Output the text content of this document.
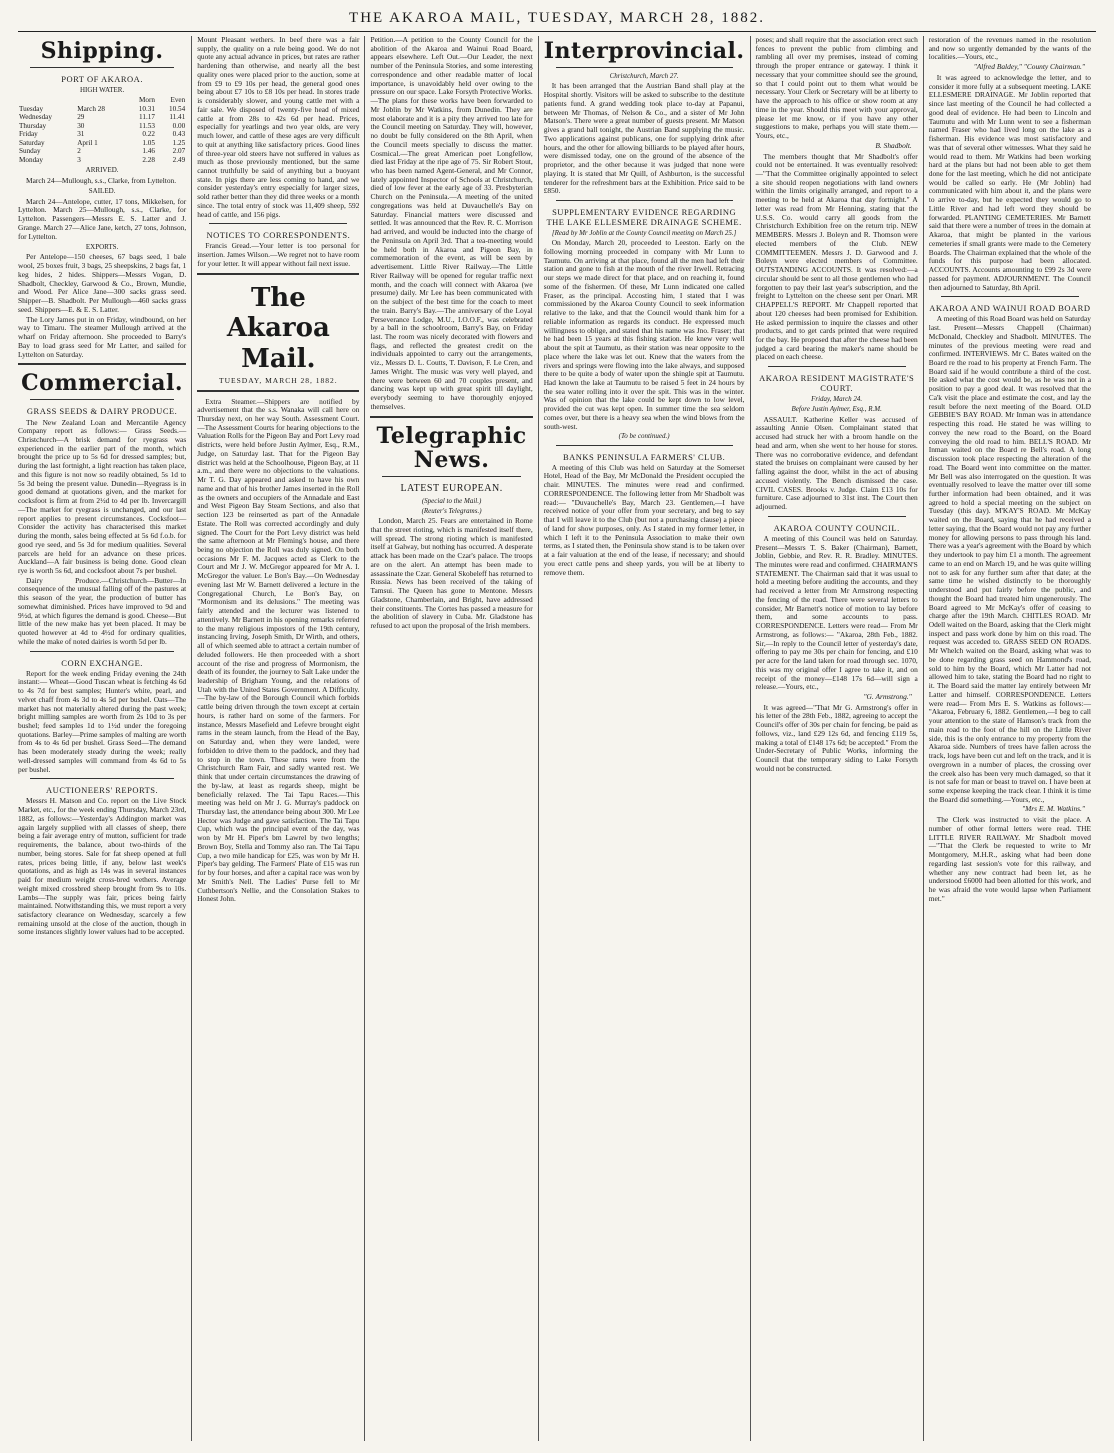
THE AKAROA MAIL, TUESDAY, MARCH 28, 1882.
Shipping.
PORT OF AKAROA.
HIGH WATER.
		Morn	Even
Tuesday	March 28	10.31	10.54
Wednesday	29	11.17	11.41
Thursday	30	11.53	0.00
Friday	31	0.22	0.43
Saturday	April 1	1.05	1.25
Sunday	2	1.46	2.07
Monday	3	2.28	2.49
ARRIVED.

March 24—Mullough, s.s., Clarke, from Lyttelton.

SAILED.

March 24—Antelope, cutter, 17 tons, Mikkelsen, for Lyttelton. March 25—Mullough, s.s., Clarke, for Lyttelton. Passengers—Messrs E. S. Latter and J. Grange. March 27—Alice Jane, ketch, 27 tons, Johnson, for Lyttelton.

EXPORTS.

Per Antelope—150 cheeses, 67 bags seed, 1 bale wool, 25 boxes fruit, 3 bags, 25 sheepskins, 2 bags fat, 1 keg hides, 2 hides. Shippers—Messrs Vogan, D. Shadbolt, Checkley, Garwood & Co., Brown, Mundie, and Wood. Per Alice Jane—300 sacks grass seed. Shipper—B. Shadbolt. Per Mullough—460 sacks grass seed. Shippers—E. & E. S. Latter.

The Lory James put in on Friday, windbound, on her way to Timaru. The steamer Mullough arrived at the wharf on Friday afternoon. She proceeded to Barry's Bay to load grass seed for Mr Latter, and sailed for Lyttelton on Saturday.

Commercial.
GRASS SEEDS & DAIRY PRODUCE.

The New Zealand Loan and Mercantile Agency Company report as follows:— Grass Seeds.—Christchurch—A brisk demand for ryegrass was experienced in the earlier part of the month, which brought the price up to 5s 6d for dressed samples; but, during the last fortnight, a light reaction has taken place, and this figure is not now so readily obtained, 5s 1d to 5s 3d being the present value. Dunedin—Ryegrass is in good demand at quotations given, and the market for cocksfoot is firm at from 2½d to 4d per lb. Invercargill—The market for ryegrass is unchanged, and our last report applies to present circumstances. Cocksfoot—Consider the activity has characterised this market during the month, sales being effected at 5s 6d f.o.b. for good rye seed, and 5s 3d for medium qualities. Several parcels are held for an advance on these prices. Auckland—A fair business is being done. Good clean rye is worth 5s 6d, and cocksfoot about 7s per bushel.

Dairy Produce.—Christchurch—Butter—In consequence of the unusual falling off of the pastures at this season of the year, the production of butter has somewhat diminished. Prices have improved to 9d and 9½d, at which figures the demand is good. Cheese—But little of the new make has yet been placed. It may be quoted however at 4d to 4½d for ordinary qualities, while the make of noted dairies is worth 5d per lb.

CORN EXCHANGE.

Report for the week ending Friday evening the 24th instant:— Wheat—Good Tuscan wheat is fetching 4s 6d to 4s 7d for best samples; Hunter's white, pearl, and velvet chaff from 4s 3d to 4s 5d per bushel. Oats—The market has not materially altered during the past week; bright milling samples are worth from 2s 10d to 3s per bushel; feed samples 1d to 1½d under the foregoing quotations. Barley—Prime samples of malting are worth from 4s to 4s 6d per bushel. Grass Seed—The demand has been moderately steady during the week; really well-dressed samples will command from 4s 6d to 5s per bushel.

AUCTIONEERS' REPORTS.

Messrs H. Matson and Co. report on the Live Stock Market, etc., for the week ending Thursday, March 23rd, 1882, as follows:—Yesterday's Addington market was again largely supplied with all classes of sheep, there being a fair average entry of mutton, sufficient for trade requirements, the balance, about two-thirds of the number, being stores. Sale for fat sheep opened at full rates, prices being little, if any, below last week's quotations, and as high as 14s was in several instances paid for medium weight cross-bred wethers. Average weight mixed crossbred sheep brought from 9s to 10s. Lambs—The supply was fair, prices being fairly maintained. Notwithstanding this, we must report a very satisfactory clearance on Wednesday, scarcely a few remaining unsold at the close of the auction, though in some instances slightly lower values had to be accepted.

Mount Pleasant wethers. In beef there was a fair supply, the quality on a rule being good. We do not quote any actual advance in prices, but rates are rather hardening than otherwise, and nearly all the best quality ones were placed prior to the auction, some at from £9 to £9 10s per head, the general good ones being about £7 10s to £8 10s per head. In stores trade is considerably slower, and young cattle met with a fair sale. We disposed of twenty-five head of mixed cattle at from 28s to 42s 6d per head. Prices, especially for yearlings and two year olds, are very much lower, and cattle of these ages are very difficult to quit at anything like satisfactory prices. Good lines of three-year old steers have not suffered in values as much as those previously mentioned, but the same cannot truthfully be said of anything but a buoyant state. In pigs there are less coming to hand, and we consider yesterday's entry especially for larger sizes, sold rather better than they did three weeks or a month since. The total entry of stock was 11,409 sheep, 592 head of cattle, and 156 pigs.

NOTICES TO CORRESPONDENTS.

Francis Gread.—Your letter is too personal for insertion. James Wilson.—We regret not to have room for your letter. It will appear without fail next issue.

The Akaroa Mail.
TUESDAY, MARCH 28, 1882.

Extra Steamer.—Shippers are notified by advertisement that the s.s. Wanaka will call here on Thursday next, on her way South. Assessment Court.—The Assessment Courts for hearing objections to the Valuation Rolls for the Pigeon Bay and Port Levy road districts, were held before Justin Aylmer, Esq., R.M., Judge, on Saturday last. That for the Pigeon Bay district was held at the Schoolhouse, Pigeon Bay, at 11 a.m., and there were no objections to the valuations. Mr T. G. Day appeared and asked to have his own name and that of his brother James inserted in the Roll as the owners and occupiers of the Annadale and East and West Pigeon Bay Steam Sections, and also that section 123 be reinserted as part of the Annadale Estate. The Roll was corrected accordingly and duly signed. The Court for the Port Levy district was held the same afternoon at Mr Fleming's house, and there being no objection the Roll was duly signed. On both occasions Mr F. M. Jacques acted as Clerk to the Court and Mr J. W. McGregor appeared for Mr A. I. McGregor the valuer. Le Bon's Bay.—On Wednesday evening last Mr W. Barnett delivered a lecture in the Congregational Church, Le Bon's Bay, on "Mormonism and its delusions." The meeting was fairly attended and the lecturer was listened to attentively. Mr Barnett in his opening remarks referred to the many religious impostors of the 19th century, instancing Irving, Joseph Smith, Dr Wirth, and others, all of which seemed able to attract a certain number of deluded followers. He then proceeded with a short account of the rise and progress of Mormonism, the death of its founder, the journey to Salt Lake under the leadership of Brigham Young, and the relations of Utah with the United States Government. A Difficulty.—The by-law of the Borough Council which forbids cattle being driven through the town except at certain hours, is rather hard on some of the farmers. For instance, Messrs Masefield and Lefevre brought eight rams in the steam launch, from the Head of the Bay, on Saturday and, when they were landed, were forbidden to drive them to the paddock, and they had to stop in the town. These rams were from the Christchurch Ram Fair, and sadly wanted rest. We think that under certain circumstances the drawing of the by-law, at least as regards sheep, might be beneficially relaxed. The Tai Tapu Races.—This meeting was held on Mr J. G. Murray's paddock on Thursday last, the attendance being about 300. Mr Lee Hector was Judge and gave satisfaction. The Tai Tapu Cup, which was the principal event of the day, was won by Mr H. Piper's bm Lawrel by two lengths; Brown Boy, Stella and Tommy also ran. The Tai Tapu Cup, a two mile handicap for £25, was won by Mr H. Piper's bay gelding. The Farmers' Plate of £15 was run for by four horses, and after a capital race was won by Mr Smith's Nell. The Ladies' Purse fell to Mr Cuthbertson's Nellie, and the Consolation Stakes to Honest John.

Petition.—A petition to the County Council for the abolition of the Akaroa and Wainui Road Board, appears elsewhere. Left Out.—Our Leader, the next number of the Peninsula Stories, and some interesting correspondence and other readable matter of local importance, is unavoidably held over owing to the pressure on our space. Lake Forsyth Protective Works.—The plans for these works have been forwarded to Mr Joblin by Mr Watkins, from Dunedin. They are most elaborate and it is a pity they arrived too late for the Council meeting on Saturday. They will, however, no doubt be fully considered on the 8th April, when the Council meets specially to discuss the matter. Cosmical.—The great American poet Longfellow, died last Friday at the ripe age of 75. Sir Robert Stout, who has been named Agent-General, and Mr Connor, lately appointed Inspector of Schools at Christchurch, died of low fever at the early age of 33. Presbyterian Church on the Peninsula.—A meeting of the united congregations was held at Duvauchelle's Bay on Saturday. Financial matters were discussed and settled. It was announced that the Rev. R. C. Morrison had arrived, and would be inducted into the charge of the Peninsula on April 3rd. That a tea-meeting would be held both in Akaroa and Pigeon Bay, in commemoration of the event, as will be seen by advertisement. Little River Railway.—The Little River Railway will be opened for regular traffic next month, and the coach will connect with Akaroa (we presume) daily. Mr Lee has been communicated with on the subject of the best time for the coach to meet the train. Barry's Bay.—The anniversary of the Loyal Perseverance Lodge, M.U., I.O.O.F., was celebrated by a ball in the schoolroom, Barry's Bay, on Friday last. The room was nicely decorated with flowers and flags, and reflected the greatest credit on the individuals appointed to carry out the arrangements, viz., Messrs D. L. Coutts, T. Davison, F. Le Cren, and James Wright. The music was very well played, and there were between 60 and 70 couples present, and dancing was kept up with great spirit till daylight, everybody seeming to have thoroughly enjoyed themselves.

Telegraphic News.
LATEST EUROPEAN.
(Special to the Mail.)
(Reuter's Telegrams.)

London, March 25. Fears are entertained in Rome that the street rioting, which is manifested itself there, will spread. The strong rioting which is manifested itself at Galway, but nothing has occurred. A desperate attack has been made on the Czar's palace. The troops are on the alert. An attempt has been made to assassinate the Czar. General Skobeleff has returned to Russia. News has been received of the taking of Tamsui. The Queen has gone to Mentone. Messrs Gladstone, Chamberlain, and Bright, have addressed their constituents. The Cortes has passed a measure for the abolition of slavery in Cuba. Mr. Gladstone has refused to act upon the proposal of the Irish members.

Interprovincial.
Christchurch, March 27.

It has been arranged that the Austrian Band shall play at the Hospital shortly. Visitors will be asked to subscribe to the destitute patients fund. A grand wedding took place to-day at Papanui, between Mr Thomas, of Nelson & Co., and a sister of Mr John Matson's. There were a great number of guests present. Mr Matson gives a grand ball tonight, the Austrian Band supplying the music. Two applications against publicans, one for supplying drink after hours, and the other for allowing billiards to be played after hours, were dismissed today, one on the ground of the absence of the proprietor, and the other because it was judged that none were playing. It is stated that Mr Quill, of Ashburton, is the successful tenderer for the refreshment bars at the Exhibition. Price said to be £850.

SUPPLEMENTARY EVIDENCE REGARDING THE LAKE ELLESMERE DRAINAGE SCHEME.
[Read by Mr Joblin at the County Council meeting on March 25.]

On Monday, March 20, proceeded to Leeston. Early on the following morning proceeded in company with Mr Lunn to Taumutu. On arriving at that place, found all the men had left their station and gone to fish at the mouth of the river Irwell. Retracing our steps we made direct for that place, and on reaching it, found some of the fishermen. Of these, Mr Lunn indicated one called Fraser, as the principal. Accosting him, I stated that I was commissioned by the Akaroa County Council to seek information relative to the lake, and that the Council would thank him for a reliable information as regards its conduct. He expressed much willingness to oblige, and stated that his name was Jno. Fraser; that he had been 15 years at this fishing station. He knew very well about the spit at Taumutu, as their station was near opposite to the place where the lake was let out. Knew that the waters from the rivers and springs were flowing into the lake always, and supposed there to be quite a body of water upon the shingle spit at Taumutu. Had known the lake at Taumutu to be raised 5 feet in 24 hours by the sea water rolling into it over the spit. This was in the winter. Was of opinion that the lake could be kept down to low level, provided the cut was kept open. In summer time the sea seldom comes over, but there is a heavy sea when the wind blows from the south-west.

(To be continued.)
BANKS PENINSULA FARMERS' CLUB.

A meeting of this Club was held on Saturday at the Somerset Hotel, Head of the Bay, Mr McDonald the President occupied the chair. MINUTES. The minutes were read and confirmed. CORRESPONDENCE. The following letter from Mr Shadbolt was read:— "Duvauchelle's Bay, March 23. Gentlemen,—I have received notice of your offer from your secretary, and beg to say that I will leave it to the Club (but not a purchasing clause) a piece of land for show purposes, only. As I stated in my former letter, in which I left it to the Peninsula Association to make their own terms, as I stated then, the Peninsula show stand is to be taken over at a fair valuation at the end of the lease, if necessary; and should you erect cattle pens and sheep yards, you will be at liberty to remove them.

poses; and shall require that the association erect such fences to prevent the public from climbing and rambling all over my premises, instead of coming through the proper entrance or gateway. I think it necessary that your committee should see the ground, so that I could point out to them what would be necessary. Your Clerk or Secretary will be at liberty to have the approach to his office or show room at any time in the year. Should this meet with your approval, please let me know, or if you have any other suggestions to make, perhaps you will state them.—Yours, etc.,

B. Shadbolt.

The members thought that Mr Shadbolt's offer could not be entertained. It was eventually resolved:—"That the Committee originally appointed to select a site should reopen negotiations with land owners within the limits originally arranged, and report to a meeting to be held at Akaroa that day fortnight." A letter was read from Mr Henning, stating that the U.S.S. Co. would carry all goods from the Christchurch Exhibition free on the return trip. NEW MEMBERS. Messrs J. Boleyn and R. Thomson were elected members of the Club. NEW COMMITTEEMEN. Messrs J. D. Garwood and J. Boleyn were elected members of Committee. OUTSTANDING ACCOUNTS. It was resolved:—a circular should be sent to all those gentlemen who had forgotten to pay their last year's subscription, and the freight to Lyttelton on the cheese sent per Onari. MR CHAPPELL'S REPORT. Mr Chappell reported that about 120 cheeses had been promised for Exhibition. He asked permission to inquire the classes and other products, and to get cards printed that were required for the bay. He proposed that after the cheese had been judged a card bearing the maker's name should be placed on each cheese.

AKAROA RESIDENT MAGISTRATE'S COURT.
Friday, March 24.
Before Justin Aylmer, Esq., R.M.

ASSAULT. Katherine Keller was accused of assaulting Annie Olsen. Complainant stated that accused had struck her with a broom handle on the head and arm, when she went to her house for stores. There was no corroborative evidence, and defendant stated the bruises on complainant were caused by her falling against the door, whilst in the act of abusing accused violently. The Bench dismissed the case. CIVIL CASES. Brooks v. Judge. Claim £13 10s for furniture. Case adjourned to 31st inst. The Court then adjourned.

AKAROA COUNTY COUNCIL.

A meeting of this Council was held on Saturday. Present—Messrs T. S. Baker (Chairman), Barnett, Joblin, Gebbie, and Rev. R. R. Bradley. MINUTES. The minutes were read and confirmed. CHAIRMAN'S STATEMENT. The Chairman said that it was usual to hold a meeting before auditing the accounts, and they had received a letter from Mr Armstrong respecting the fencing of the road. There were several letters to consider, Mr Barnett's notice of motion to lay before them, and some accounts to pass. CORRESPONDENCE. Letters were read— From Mr Armstrong, as follows:— "Akaroa, 28th Feb., 1882. Sir,—In reply to the Council letter of yesterday's date, offering to pay me 30s per chain for fencing, and £10 per acre for the land taken for road through sec. 1070, this was my original offer I agree to take it, and on receipt of the money—£148 17s 6d—will sign a release.—Yours, etc.,

"G. Armstrong."

It was agreed—"That Mr G. Armstrong's offer in his letter of the 28th Feb., 1882, agreeing to accept the Council's offer of 30s per chain for fencing, be paid as follows, viz., land £29 12s 6d, and fencing £119 5s, making a total of £148 17s 6d; be accepted." From the Under-Secretary of Public Works, informing the Council that the temporary siding to Lake Forsyth would not be constructed.

restoration of the revenues named in the resolution and now so urgently demanded by the wants of the localities.—Yours, etc.,

"Alfred Baldey," "County Chairman."

It was agreed to acknowledge the letter, and to consider it more fully at a subsequent meeting. LAKE ELLESMERE DRAINAGE. Mr Joblin reported that since last meeting of the Council he had collected a good deal of evidence. He had been to Lincoln and Taumutu and with Mr Lunn went to see a fisherman named Fraser who had lived long on the lake as a fisherman. His evidence was most satisfactory and was that of several other witnesses. What they said he would read to them. Mr Watkins had been working hard at the plans but had not been able to get them done for the last meeting, which he did not anticipate would be called so early. He (Mr Joblin) had communicated with him about it, and the plans were to arrive to-day, but he expected they would go to Little River and had left word they should be forwarded. PLANTING CEMETERIES. Mr Barnett said that there were a number of trees in the domain at Akaroa, that might be planted in the various cemeteries if small grants were made to the Cemetery Boards. The Chairman explained that the whole of the funds for this purpose had been allocated. ACCOUNTS. Accounts amounting to £99 2s 3d were passed for payment. ADJOURNMENT. The Council then adjourned to Saturday, 8th April.

AKAROA AND WAINUI ROAD BOARD

A meeting of this Road Board was held on Saturday last. Present—Messrs Chappell (Chairman) McDonald, Checkley and Shadbolt. MINUTES. The minutes of the previous meeting were read and confirmed. INTERVIEWS. Mr C. Bates waited on the Board re the road to his property at French Farm. The Board said if he would contribute a third of the cost. He asked what the cost would be, as he was not in a position to pay a good deal. It was resolved that the Ca'k visit the place and estimate the cost, and lay the result before the next meeting of the Board. OLD GEBBIE'S BAY ROAD. Mr Inman was in attendance respecting this road. He stated he was willing to convey the new road to the Board, on the Board conveying the old road to him. BELL'S ROAD. Mr Inman waited on the Board re Bell's road. A long discussion took place respecting the alteration of the road. The Board went into committee on the matter. Mr Bell was also interrogated on the question. It was eventually resolved to leave the matter over till some further information had been obtained, and it was agreed to hold a special meeting on the subject on Tuesday (this day). M'KAY'S ROAD. Mr McKay waited on the Board, saying that he had received a letter saying, that the Board would not pay any further money for allowing persons to pass through his land. There was a year's agreement with the Board by which they undertook to pay him £1 a month. The agreement came to an end on March 19, and he was quite willing not to ask for any further sum after that date; at the same time he wished distinctly to be thoroughly understood and put fairly before the public, and thought the Board had treated him ungenerously. The Board agreed to Mr McKay's offer of ceasing to charge after the 19th March. CHITLES ROAD. Mr Odell waited on the Board, asking that the Clerk might inspect and pass work done by him on this road. The request was acceded to. GRASS SEED ON ROADS. Mr Whelch waited on the Board, asking what was to be done regarding grass seed on Hammond's road, sold to him by the Board, which Mr Latter had not allowed him to take, stating the Board had no right to it. The Board said the matter lay entirely between Mr Latter and himself. CORRESPONDENCE. Letters were read— From Mrs E. S. Watkins as follows:— "Akaroa, February 6, 1882. Gentlemen,—I beg to call your attention to the state of Hamson's track from the main road to the foot of the hill on the Little River side, this is the only entrance to my property from the Akaroa side. Numbers of trees have fallen across the track, logs have been cut and left on the track, and it is overgrown in a number of places, the crossing over the creek also has been very much damaged, so that it is not safe for man or beast to travel on. I have been at some expense keeping the track clear. I think it is time the Board did something.—Yours, etc.,

"Mrs E. M. Watkins."

The Clerk was instructed to visit the place. A number of other formal letters were read. THE LITTLE RIVER RAILWAY. Mr Shadbolt moved—"That the Clerk be requested to write to Mr Montgomery, M.H.R., asking what had been done regarding last session's vote for this railway, and whether any new contract had been let, as he understood £6000 had been allotted for this work, and he was afraid the vote would lapse when Parliament met."
